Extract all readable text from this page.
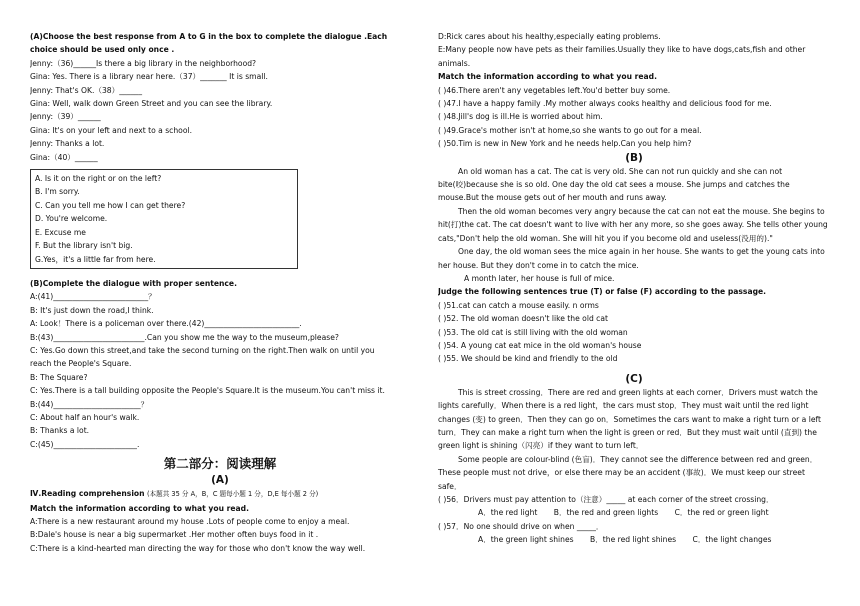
(A)Choose the best response from A to G in the box to complete the dialogue .Each choice should be used only once .
Jenny:（36)______Is there a big library in the neighborhood?
Gina: Yes. There is a library near here.（37）_______ It is small.
Jenny: That's OK.（38）______
Gina: Well, walk down Green Street and you can see the library.
Jenny:（39）______
Gina: It's on your left and next to a school.
Jenny: Thanks a lot.
Gina:（40）______
A. Is it on the right or on the left?
B. I'm sorry.
C. Can you tell me how I can get there?
D. You're welcome.
E. Excuse me
F. But the library isn't big.
G.Yes，it's a little far from here.
(B)Complete the dialogue with proper sentence.
A:(41)_________________________？
B: It's just down the road,I think.
A: Look！There is a policeman over there.(42)_________________________.
B:(43)________________________.Can you show me the way to the museum,please?
C: Yes.Go down this street,and take the second turning on the right.Then walk on until you
reach the People's Square.
B: The Square?
C: Yes.There is a tall building opposite the People's Square.It is the museum.You can't miss it.
B:(44)_______________________？
C: About half an hour's walk.
B: Thanks a lot.
C:(45)______________________.
第二部分：阅读理解
(A)
Ⅳ.Reading comprehension (本题共 35 分 A，B，C 题每小题 1 分，D,E 每小题 2 分)
Match the information according to what you read.
A:There is a new restaurant around my house .Lots of people come to enjoy a meal.
B:Dale's house is near a big supermarket .Her mother often buys food in it .
C:There is a kind-hearted man directing the way for those who don't know the way well.
D:Rick cares about his healthy,especially eating problems.
E:Many people now have pets as their families.Usually they like to have dogs,cats,fish and other animals.
Match the information according to what you read.
( )46.There aren't any vegetables left.You'd better buy some.
( )47.I have a happy family .My mother always cooks healthy and delicious food for me.
( )48.Jill's dog is ill.He is worried about him.
( )49.Grace's mother isn't at home,so she wants to go out for a meal.
( )50.Tim is new in New York and he needs help.Can you help him?
(B)
An old woman has a cat. The cat is very old. She can not run quickly and she can not bite(咬)because she is so old. One day the old cat sees a mouse. She jumps and catches the mouse.But the mouse gets out of her mouth and runs away.
Then the old woman becomes very angry because the cat can not eat the mouse. She begins to hit(打)the cat. The cat doesn't want to live with her any more, so she goes away. She tells other young cats,"Don't help the old woman. She will hit you if you become old and useless(没用的)."
One day, the old woman sees the mice again in her house. She wants to get the young cats into her house. But they don't come in to catch the mice.
A month later, her house is full of mice.
Judge the following sentences true (T) or false (F) according to the passage.
( )51.cat can catch a mouse easily. n orms
( )52. The old woman doesn't like the old cat
( )53. The old cat is still living with the old woman
( )54. A young cat eat mice in the old woman's house
( )55. We should be kind and friendly to the old
(C)
This is street crossing．There are red and green lights at each corner．Drivers must watch the lights carefully．When there is a red light，the cars must stop．They must wait until the red light changes (变) to green．Then they can go on．Sometimes the cars want to make a right turn or a left turn．They can make a right turn when the light is green or red．But they must wait until (直到) the green light is shining（闪亮）if they want to turn left．
Some people are colour-blind (色盲)．They cannot see the difference between red and green．These people must not drive，or else there may be an accident (事故)．We must keep our street safe．
( )56．Drivers must pay attention to（注意）_____ at each corner of the street crossing．
A．the red light B．the red and green lights C．the red or green light
( )57．No one should drive on when _____．
A．the green light shines B．the red light shines C．the light changes
